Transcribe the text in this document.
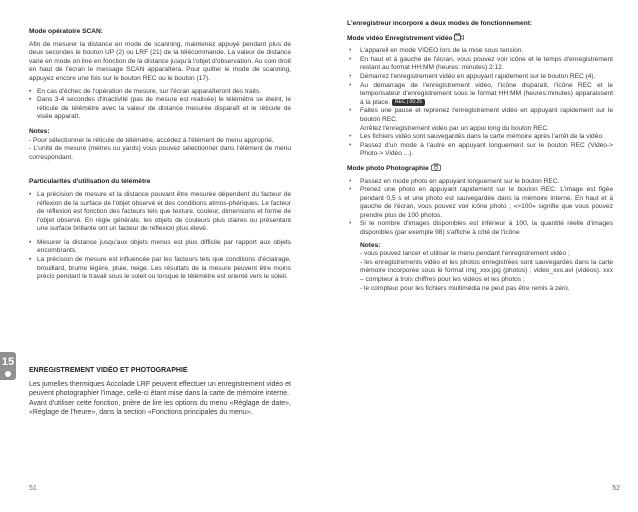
Mode opératoire SCAN:

Afin de mesurer la distance en mode de scanning, maintenez appuyé pendant plus de deux secondes le bouton UP (2) ou LRF (21) de la télécommande. La valeur de distance varie en mode on line en fonction de la distance jusqu'à l'objet d'observation. Au coin droit en haut de l'écran le message SCAN apparaîtera. Pour quitter le mode de scanning, appuyez encore une fois sur le bouton REC ou le bouton (17).

• En cas d'échec de l'opération de mesure, sur l'écran apparaîteront des traits.
• Dans 3-4 secondes d'inactivité (pas de mesure est realisée) le télémètre se éteint, le réticule de télémètre avec la valeur de distance mesurée disparaît et le réticule de visée apparaît.

Notes:

- Pour sélectionner le réticule de télémètre, accédez à l'élément de menu approprié.

- L'unité de mesure (mètres ou yards) vous pouvez sélectionner dans l'élément de menu correspondant.

Particularités d'utilisation du télémètre

• La précision de mesure et la distance pouvant être mesurée dépendent du facteur de réflexion de la surface de l'objet observé et des conditions atmos-phériques. Le facteur de réflexion est fonction des facteurs tels que texture, couleur, dimensions et forme de l'objet observé. En règle générale, les objets de couleurs plus claires ou présentant une surface brillante ont un facteur de réflexion plus élevé.
• Mesurer la distance jusqu'aux objets menus est plus difficile par rapport aux objets encombrants.
• La précision de mesure est influencée par les facteurs tels que conditions d'éclairage, brouillard, brume légère, pluie, neige. Les résultats de la mesure peuvent être moins précis pendant le travail sous le soleil ou lorsque le télémètre est orienté vers le soleil.
15

ENREGISTREMENT VIDÉO ET PHOTOGRAPHIE

Les jumelles thermiques Accolade LRF peuvent effectuer un enregistrement vidéo et peuvent photographier l'image, celle-ci étant mise dans la carte de mémoire interne.

Avant d'utiliser cette fonction, prière de lire les options du menu «Réglage de date», «Réglage de l'heure», dans la section «Fonctions principales du menu».

51

L'enregistreur incorporé a deux modes de fonctionnement:

Mode vidéo Enregistrement vidéo

• L'appareil en mode VIDEO lors de la mise sous tension.
• En haut et à gauche de l'écran, vous pouvez voir icône et le temps d'enregistrement restant au format HH:MM (heures: minutes) 2:12.
• Démarrez l'enregistrement vidéo en appuyant rapidement sur le bouton REC (4).
• Au démarrage de l'enregistrement vidéo, l'icône disparaît, l'icône REC et le temporisateur d'enregistrement sous le format HH:MM (heures:minutes) apparaissent à la place. REC | 00:25
• Faites une pause et reprenez l'enregistrement vidéo en appuyant rapidement sur le bouton REC.
Arrêtez l'enregistrement vidéo par un appui long du bouton REC.
• Les fichiers vidéo sont sauvegardés dans la carte mémoire après l'arrêt de la vidéo.
• Passez d'un mode à l'autre en appuyant longuement sur le bouton REC (Vidéo-> Photo-> Vidéo ...).

Mode photo Photographie

• Passez en mode photo en appuyant longuement sur le bouton REC.
• Prenez une photo en appuyant rapidement sur le bouton REC. L'image est figée pendant 0,5 s et une photo est sauvegardée dans la mémoire interne. En haut et à gauche de l'écran, vous pouvez voir icône photo ; «>100» signifie que vous pouvez prendre plus de 100 photos.
• Si le nombre d'images disponibles est inférieur à 100, la quantité réelle d'images disponibles (par exemple 98) s'affiche à côté de l'icône

Notes:

- vous pouvez lancer et utiliser le menu pendant l'enregistrement vidéo ;

- les enregistrements vidéo et les photos enregistrées sont sauvegardés dans la carte mémoire incorporée sous le format img_xxx.jpg (photos) ; video_xxx.avi (vidéos). xxx – compteur à trois chiffres pour les vidéos et les photos ;

- le compteur pour les fichiers multimédia ne peut pas être remis à zéro.

52
